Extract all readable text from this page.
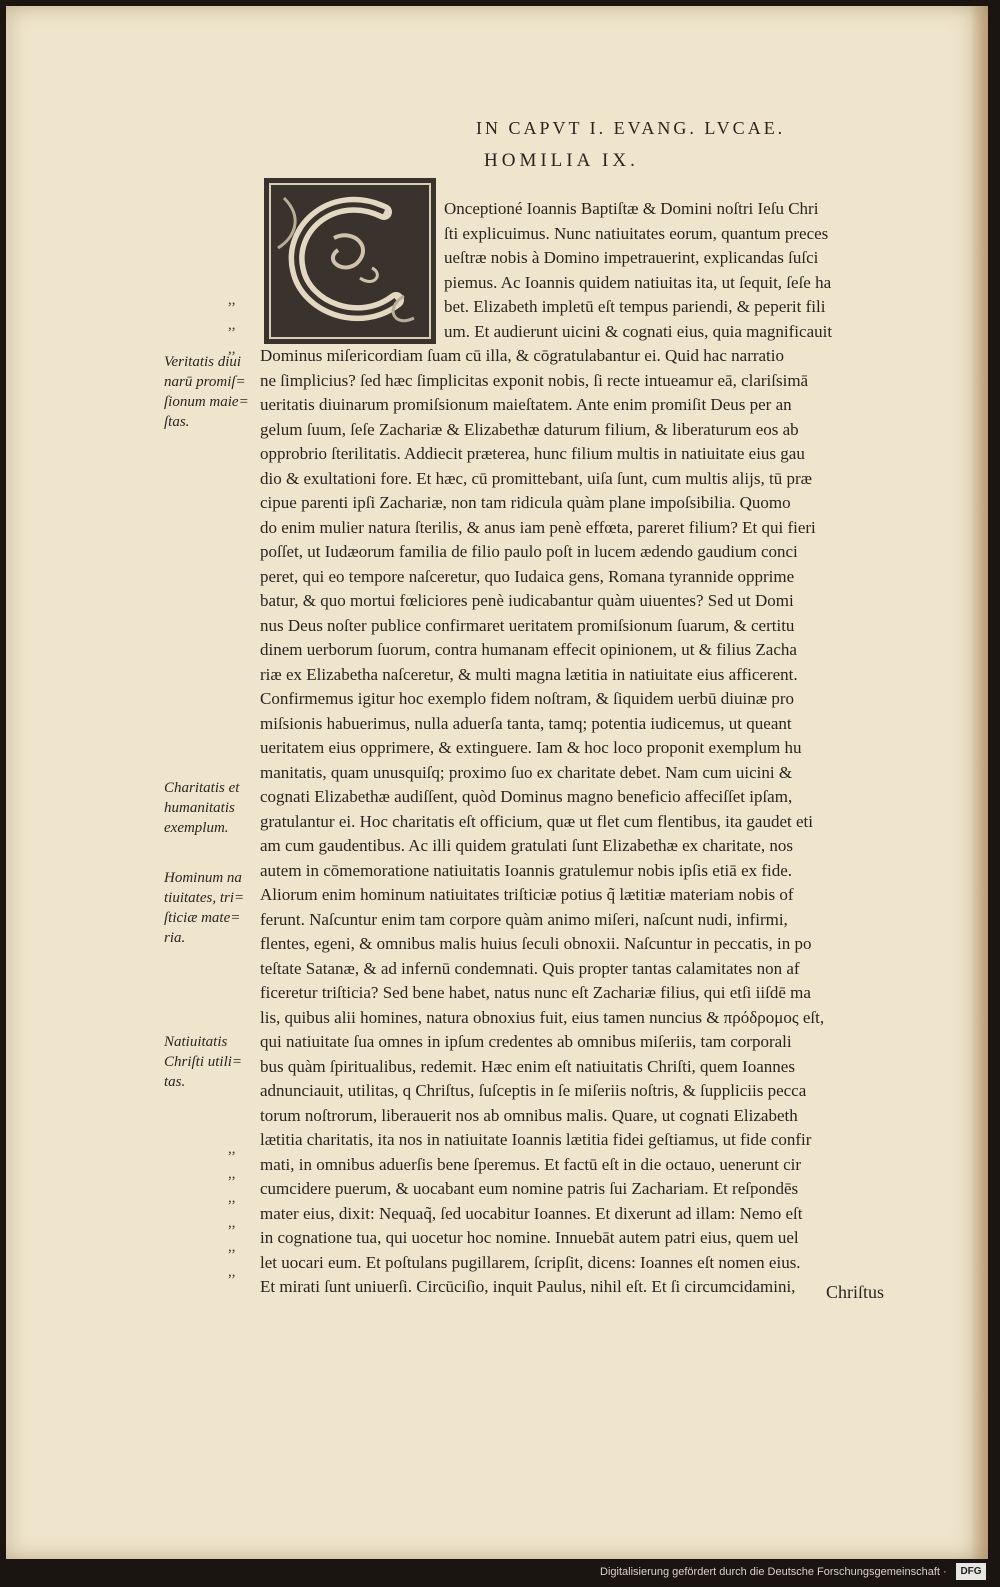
IN CAPVT I. EVANG. LVCAE.
HOMILIA IX.
Onceptioné Ioannis Baptiſtæ & Domini noſtri Ieſu Chri
ſti explicuimus. Nunc natiuitates eorum, quantum preces
ueſtræ nobis à Domino impetrauerint, explicandas ſuſci
piemus. Ac Ioannis quidem natiuitas ita, ut ſequit, ſeſe ha
bet. Elizabeth impletū eſt tempus pariendi, & peperit fili
um. Et audierunt uicini & cognati eius, quia magnificauit
Dominus miſericordiam ſuam cū illa, & cōgratulabantur ei. Quid hac narratio
ne ſimplicius? ſed hæc ſimplicitas exponit nobis, ſi recte intueamur eā, clariſsimā
ueritatis diuinarum promiſsionum maieſtatem. Ante enim promiſit Deus per an
gelum ſuum, ſeſe Zachariæ & Elizabethæ daturum filium, & liberaturum eos ab
opprobrio ſterilitatis. Addiecit præterea, hunc filium multis in natiuitate eius gau
dio & exultationi fore. Et hæc, cū promittebant, uiſa ſunt, cum multis alijs, tū præ
cipue parenti ipſi Zachariæ, non tam ridicula quàm plane impoſsibilia. Quomo
do enim mulier natura ſterilis, & anus iam penè effœta, pareret filium? Et qui fieri
poſſet, ut Iudæorum familia de filio paulo poſt in lucem ædendo gaudium conci
peret, qui eo tempore naſceretur, quo Iudaica gens, Romana tyrannide opprime
batur, & quo mortui fœliciores penè iudicabantur quàm uiuentes? Sed ut Domi
nus Deus noſter publice confirmaret ueritatem promiſsionum ſuarum, & certitu
dinem uerborum ſuorum, contra humanam effecit opinionem, ut & filius Zacha
riæ ex Elizabetha naſceretur, & multi magna lætitia in natiuitate eius afficerent.
Confirmemus igitur hoc exemplo fidem noſtram, & ſiquidem uerbū diuinæ pro
miſsionis habuerimus, nulla aduerſa tanta, tamq; potentia iudicemus, ut queant
ueritatem eius opprimere, & extinguere. Iam & hoc loco proponit exemplum hu
manitatis, quam unusquiſq; proximo ſuo ex charitate debet. Nam cum uicini &
cognati Elizabethæ audiſſent, quòd Dominus magno beneficio affeciſſet ipſam,
gratulantur ei. Hoc charitatis eſt officium, quæ ut flet cum flentibus, ita gaudet eti
am cum gaudentibus. Ac illi quidem gratulati ſunt Elizabethæ ex charitate, nos
autem in cōmemoratione natiuitatis Ioannis gratulemur nobis ipſis etiā ex fide.
Aliorum enim hominum natiuitates triſticiæ potius q̃ lætitiæ materiam nobis of
ferunt. Naſcuntur enim tam corpore quàm animo miſeri, naſcunt nudi, infirmi,
flentes, egeni, & omnibus malis huius ſeculi obnoxii. Naſcuntur in peccatis, in po
teſtate Satanæ, & ad infernū condemnati. Quis propter tantas calamitates non af
ficeretur triſticia? Sed bene habet, natus nunc eſt Zachariæ filius, qui etſi iiſdē ma
lis, quibus alii homines, natura obnoxius fuit, eius tamen nuncius & πρόδρομος eſt,
qui natiuitate ſua omnes in ipſum credentes ab omnibus miſeriis, tam corporali
bus quàm ſpiritualibus, redemit. Hæc enim eſt natiuitatis Chriſti, quem Ioannes
adnunciauit, utilitas, q Chriſtus, ſuſceptis in ſe miſeriis noſtris, & ſuppliciis pecca
torum noſtrorum, liberauerit nos ab omnibus malis. Quare, ut cognati Elizabeth
lætitia charitatis, ita nos in natiuitate Ioannis lætitia fidei geſtiamus, ut fide confir
mati, in omnibus aduerſis bene ſperemus. Et factū eſt in die octauo, uenerunt cir
cumcidere puerum, & uocabant eum nomine patris ſui Zachariam. Et reſpondēs
mater eius, dixit: Nequaq̃, ſed uocabitur Ioannes. Et dixerunt ad illam: Nemo eſt
in cognatione tua, qui uocetur hoc nomine. Innuebāt autem patri eius, quem uel
let uocari eum. Et poſtulans pugillarem, ſcripſit, dicens: Ioannes eſt nomen eius.
Et mirati ſunt uniuerſi. Circūciſio, inquit Paulus, nihil eſt. Et ſi circumcidamini,	Chriſtus
,,
,,
,,
,,
,,
,,
,,
,,
,,
Veritatis diui
narū promiſ=
ſionum maie=
ſtas.
Charitatis et
humanitatis
exemplum.
Hominum na
tiuitates, tri=
ſticiæ mate=
ria.
Natiuitatis
Chriſti utili=
tas.
Digitalisierung gefördert durch die Deutsche Forschungsgemeinschaft ·	DFG
